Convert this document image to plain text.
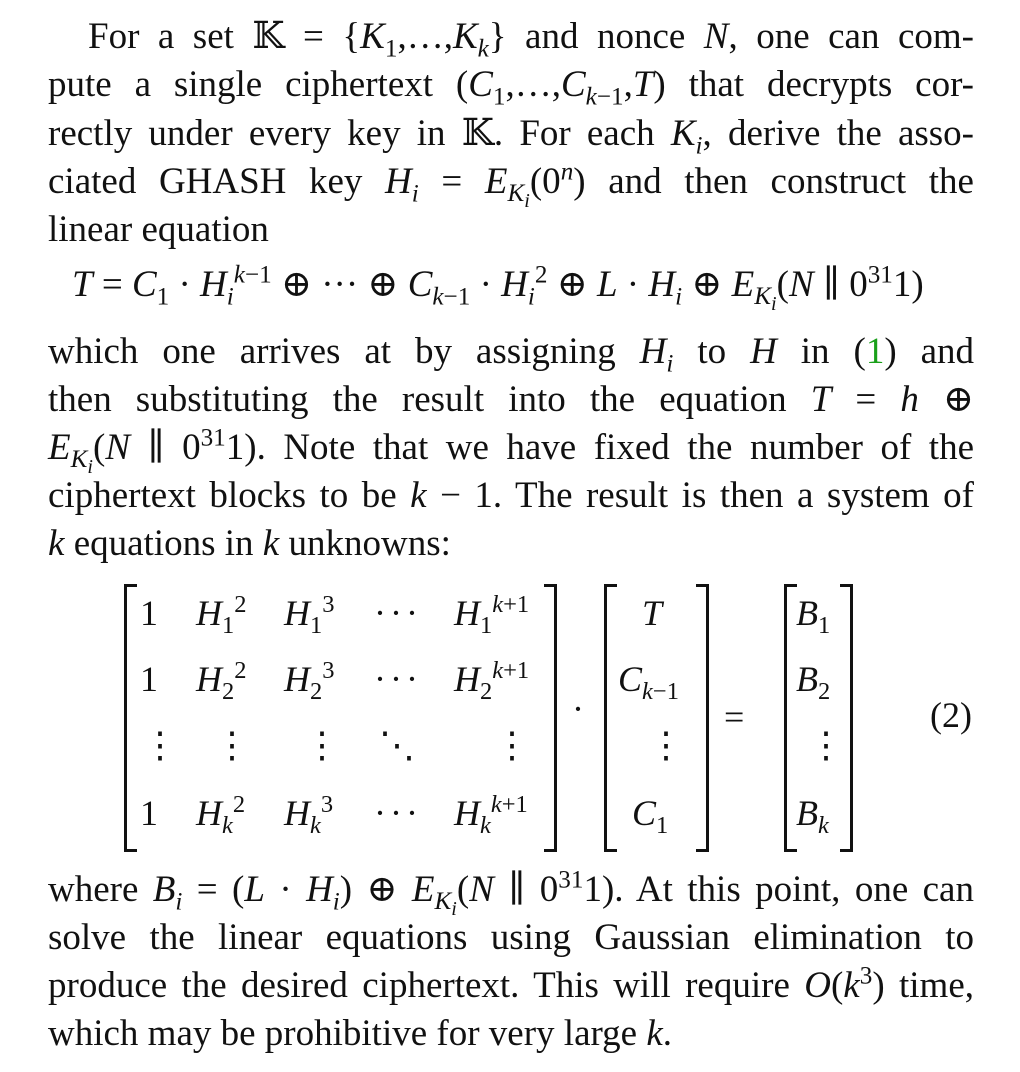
For a set 𝕂 = $\{K_1,\dots,K_k\}$ and nonce N, one can com-
pute a single ciphertext $(C_1,\dots,C_{k-1},T)$ that decrypts cor-
rectly under every key in 𝕂. For each $K_i$, derive the asso-
ciated GHASH key $H_i = E_{K_i}(0^n)$ and then construct the
linear equation
$T = C_1 \cdot H_i^{k-1}$ ⊕ ··· ⊕ $C_{k-1} \cdot H_i^2$ ⊕ $L \cdot H_i$ ⊕ $E_{K_i}(N$ ∥ $0^{31}1$)
which one arrives at by assigning $H_i$ to H in (1) and
then substituting the result into the equation T = h ⊕
$E_{K_i}(N$ ∥ $0^{31}1$). Note that we have fixed the number of the
ciphertext blocks to be k − 1. The result is then a system of
k equations in k unknowns:
1 $H_1^2$ $H_1^3$ ··· $H_1^{k+1}$
1 $H_2^2$ $H_2^3$ ··· $H_2^{k+1}$
⋮ ⋮ ⋮ ⋱ ⋮
1 $H_k^2$ $H_k^3$ ··· $H_k^{k+1}$
·
T
$C_{k-1}$
⋮
$C_1$
=
$B_1$
$B_2$
⋮
$B_k$
(2)
where $B_i = (L \cdot H_i)$ ⊕ $E_{K_i}(N$ ∥ $0^{31}1$). At this point, one can
solve the linear equations using Gaussian elimination to
produce the desired ciphertext. This will require $O(k^3)$ time,
which may be prohibitive for very large k.
